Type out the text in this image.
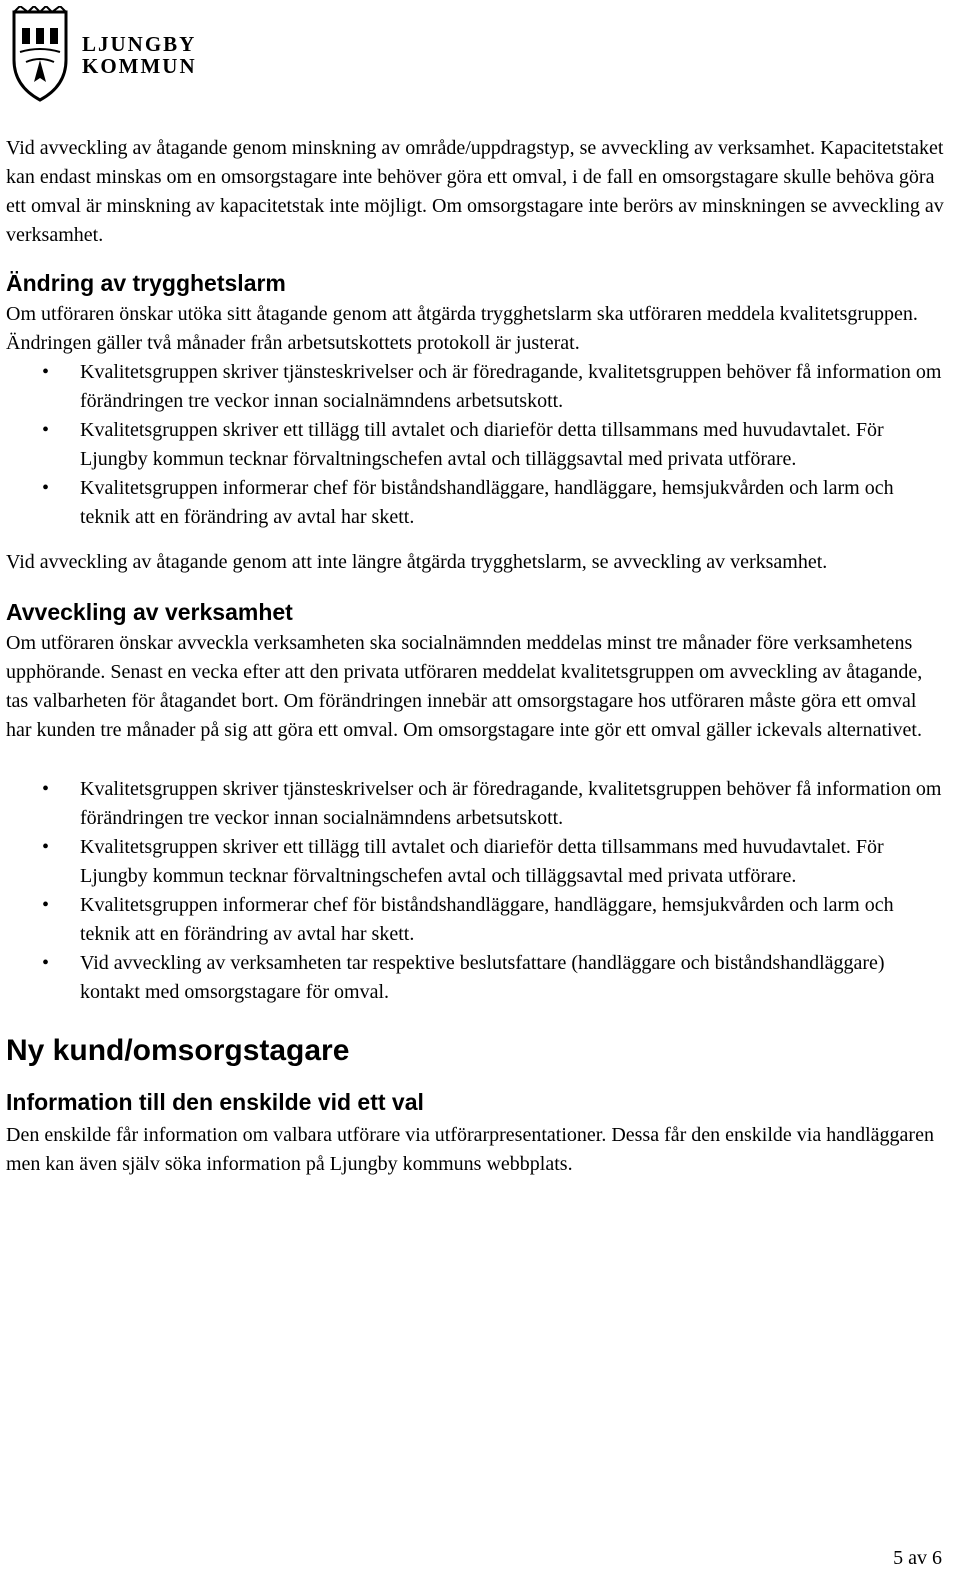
LJUNGBY
KOMMUN

Vid avveckling av åtagande genom minskning av område/uppdragstyp, se avveckling av verksamhet. Kapacitetstaket kan endast minskas om en omsorgstagare inte behöver göra ett omval, i de fall en omsorgstagare skulle behöva göra ett omval är minskning av kapacitetstak inte möjligt. Om omsorgstagare inte berörs av minskningen se avveckling av verksamhet.

Ändring av trygghetslarm

Om utföraren önskar utöka sitt åtagande genom att åtgärda trygghetslarm ska utföraren meddela kvalitetsgruppen. Ändringen gäller två månader från arbetsutskottets protokoll är justerat.

• Kvalitetsgruppen skriver tjänsteskrivelser och är föredragande, kvalitetsgruppen behöver få information om förändringen tre veckor innan socialnämndens arbetsutskott.
• Kvalitetsgruppen skriver ett tillägg till avtalet och diarieför detta tillsammans med huvudavtalet. För Ljungby kommun tecknar förvaltningschefen avtal och tilläggsavtal med privata utförare.
• Kvalitetsgruppen informerar chef för biståndshandläggare, handläggare, hemsjukvården och larm och teknik att en förändring av avtal har skett.

Vid avveckling av åtagande genom att inte längre åtgärda trygghetslarm, se avveckling av verksamhet.

Avveckling av verksamhet

Om utföraren önskar avveckla verksamheten ska socialnämnden meddelas minst tre månader före verksamhetens upphörande. Senast en vecka efter att den privata utföraren meddelat kvalitetsgruppen om avveckling av åtagande, tas valbarheten för åtagandet bort. Om förändringen innebär att omsorgstagare hos utföraren måste göra ett omval har kunden tre månader på sig att göra ett omval. Om omsorgstagare inte gör ett omval gäller ickevals alternativet.

• Kvalitetsgruppen skriver tjänsteskrivelser och är föredragande, kvalitetsgruppen behöver få information om förändringen tre veckor innan socialnämndens arbetsutskott.
• Kvalitetsgruppen skriver ett tillägg till avtalet och diarieför detta tillsammans med huvudavtalet. För Ljungby kommun tecknar förvaltningschefen avtal och tilläggsavtal med privata utförare.
• Kvalitetsgruppen informerar chef för biståndshandläggare, handläggare, hemsjukvården och larm och teknik att en förändring av avtal har skett.
• Vid avveckling av verksamheten tar respektive beslutsfattare (handläggare och biståndshandläggare) kontakt med omsorgstagare för omval.
Ny kund/omsorgstagare
Information till den enskilde vid ett val

Den enskilde får information om valbara utförare via utförarpresentationer. Dessa får den enskilde via handläggaren men kan även själv söka information på Ljungby kommuns webbplats.

5 av 6
